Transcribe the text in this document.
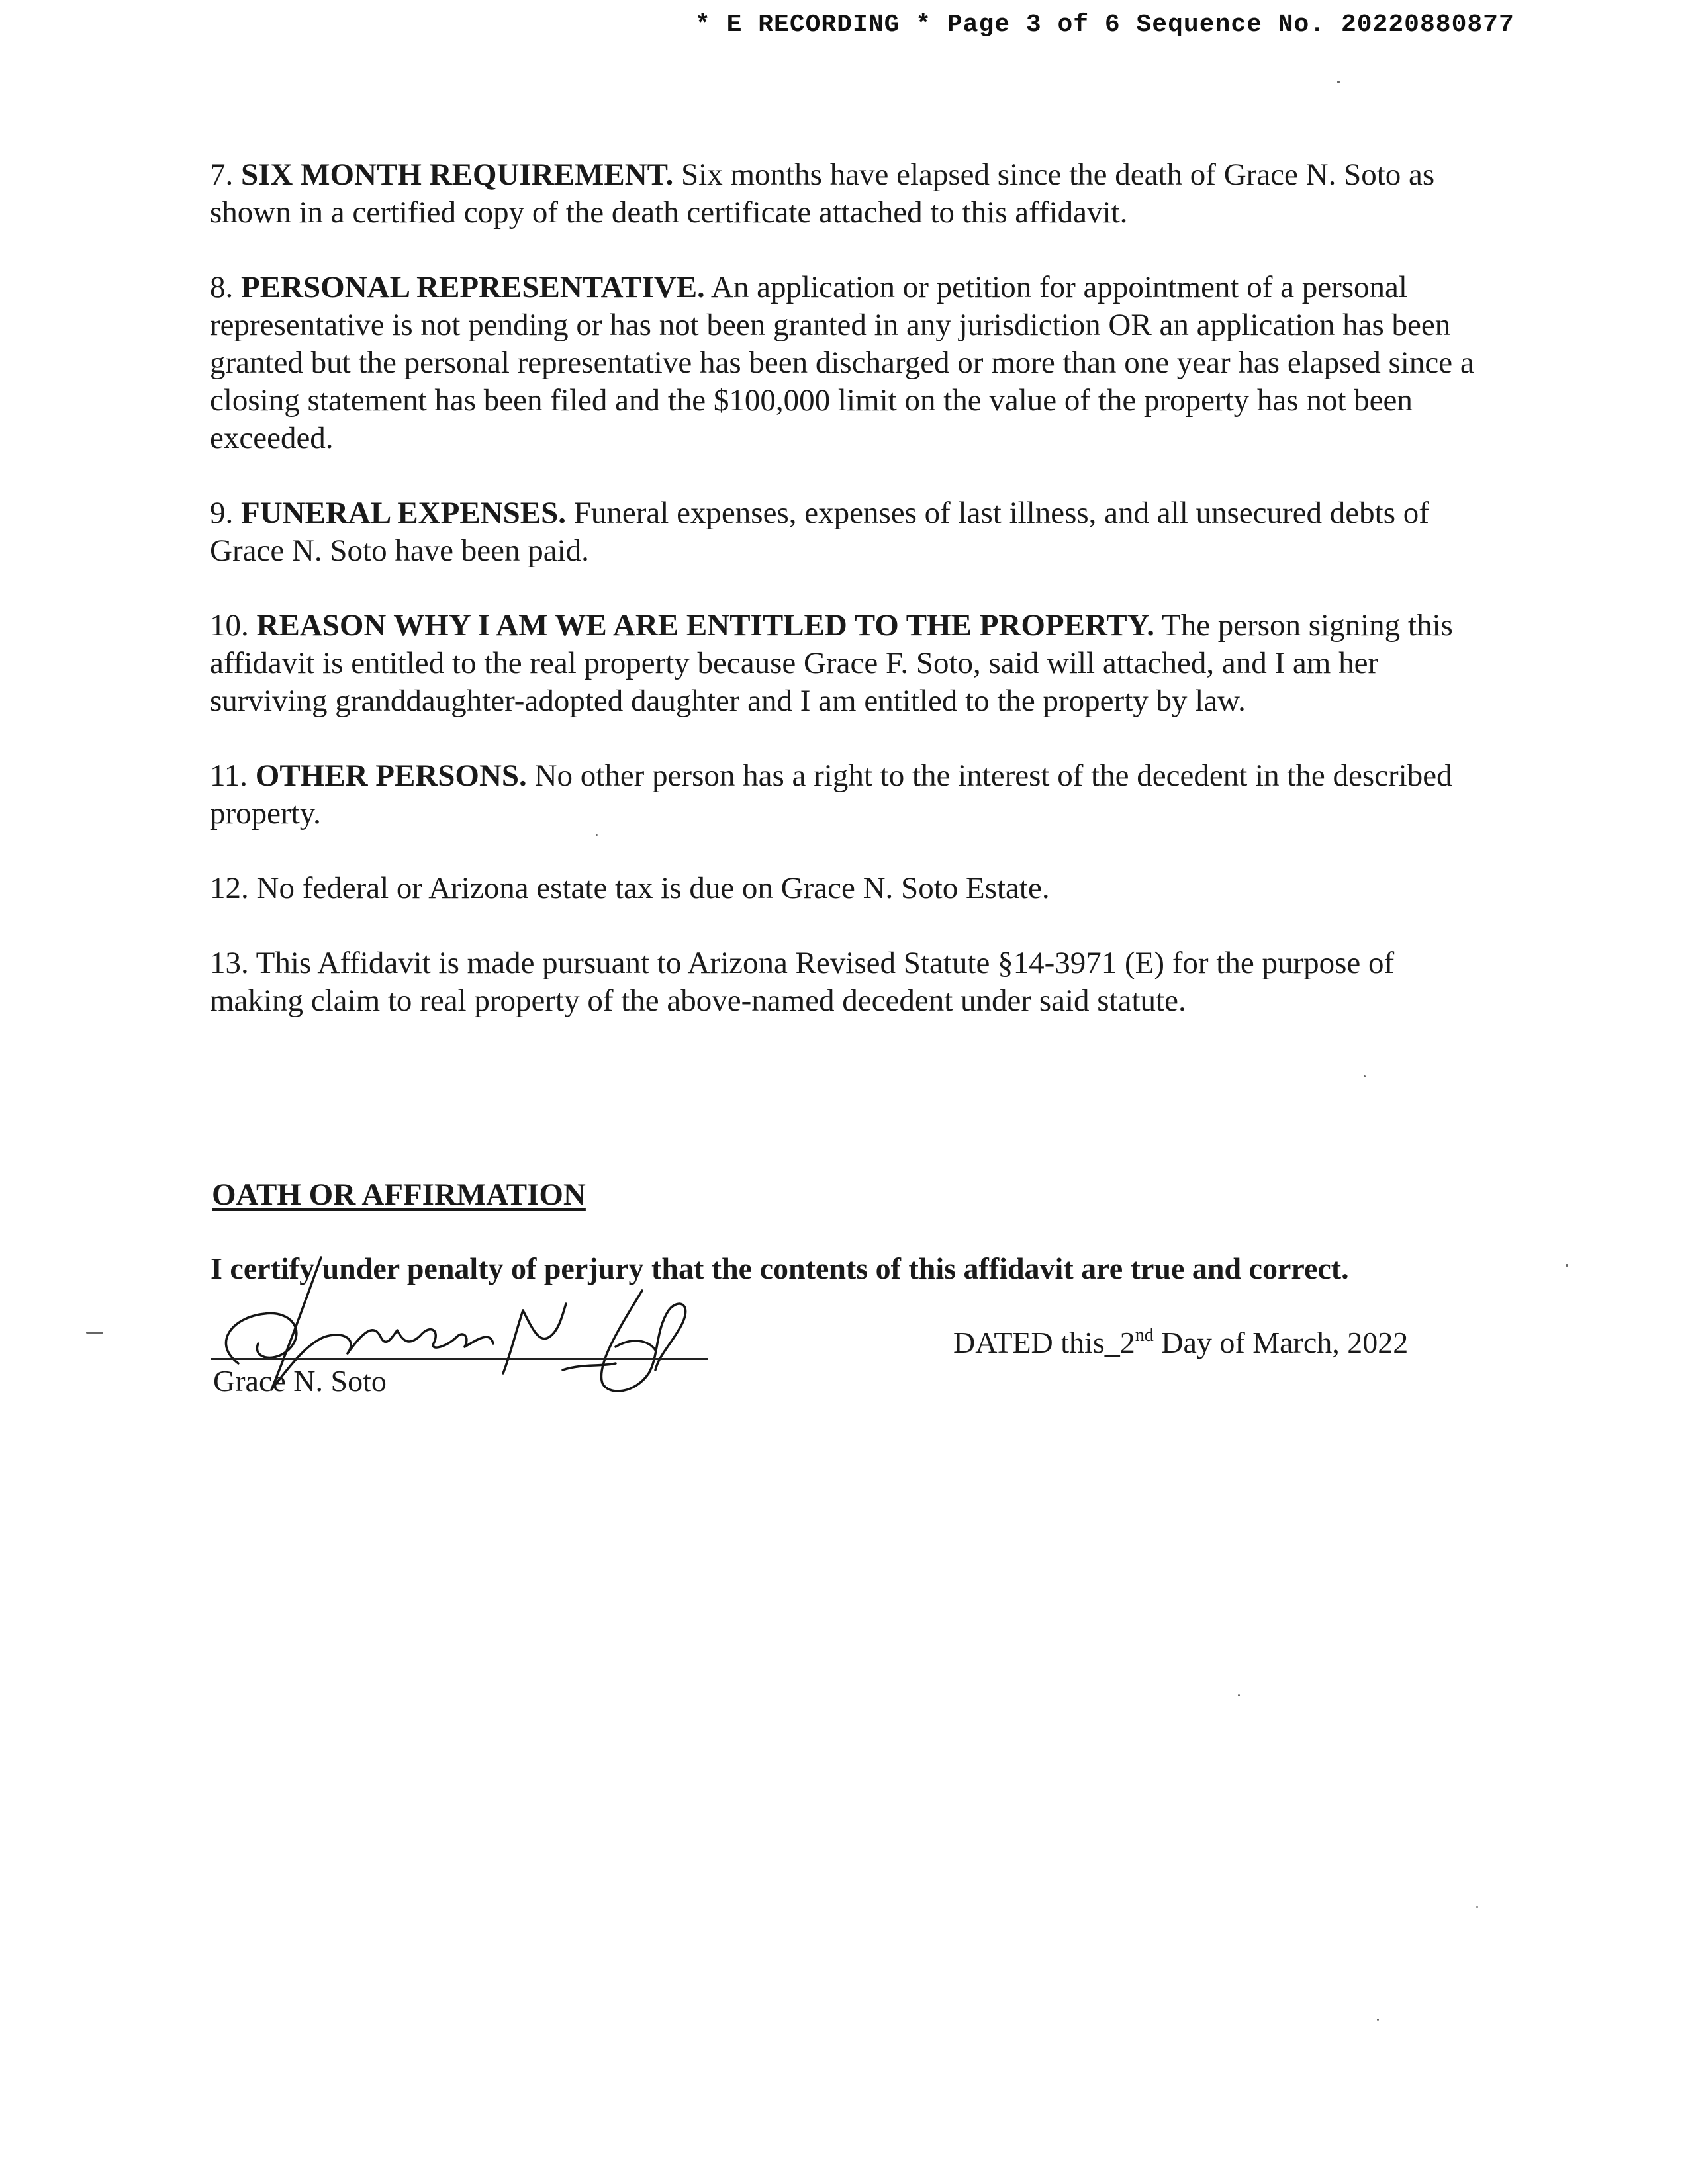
* E RECORDING * Page 3 of 6 Sequence No. 20220880877

7. SIX MONTH REQUIREMENT. Six months have elapsed since the death of Grace N. Soto as shown in a certified copy of the death certificate attached to this affidavit.

8. PERSONAL REPRESENTATIVE. An application or petition for appointment of a personal representative is not pending or has not been granted in any jurisdiction OR an application has been granted but the personal representative has been discharged or more than one year has elapsed since a closing statement has been filed and the $100,000 limit on the value of the property has not been exceeded.

9. FUNERAL EXPENSES. Funeral expenses, expenses of last illness, and all unsecured debts of Grace N. Soto have been paid.

10. REASON WHY I AM WE ARE ENTITLED TO THE PROPERTY. The person signing this affidavit is entitled to the real property because Grace F. Soto, said will attached, and I am her surviving granddaughter-adopted daughter and I am entitled to the property by law.

11. OTHER PERSONS. No other person has a right to the interest of the decedent in the described property.

12. No federal or Arizona estate tax is due on Grace N. Soto Estate.

13. This Affidavit is made pursuant to Arizona Revised Statute §14-3971 (E) for the purpose of making claim to real property of the above-named decedent under said statute.

OATH OR AFFIRMATION
I certify under penalty of perjury that the contents of this affidavit are true and correct.
Grace N. Soto
DATED this_2nd Day of March, 2022
